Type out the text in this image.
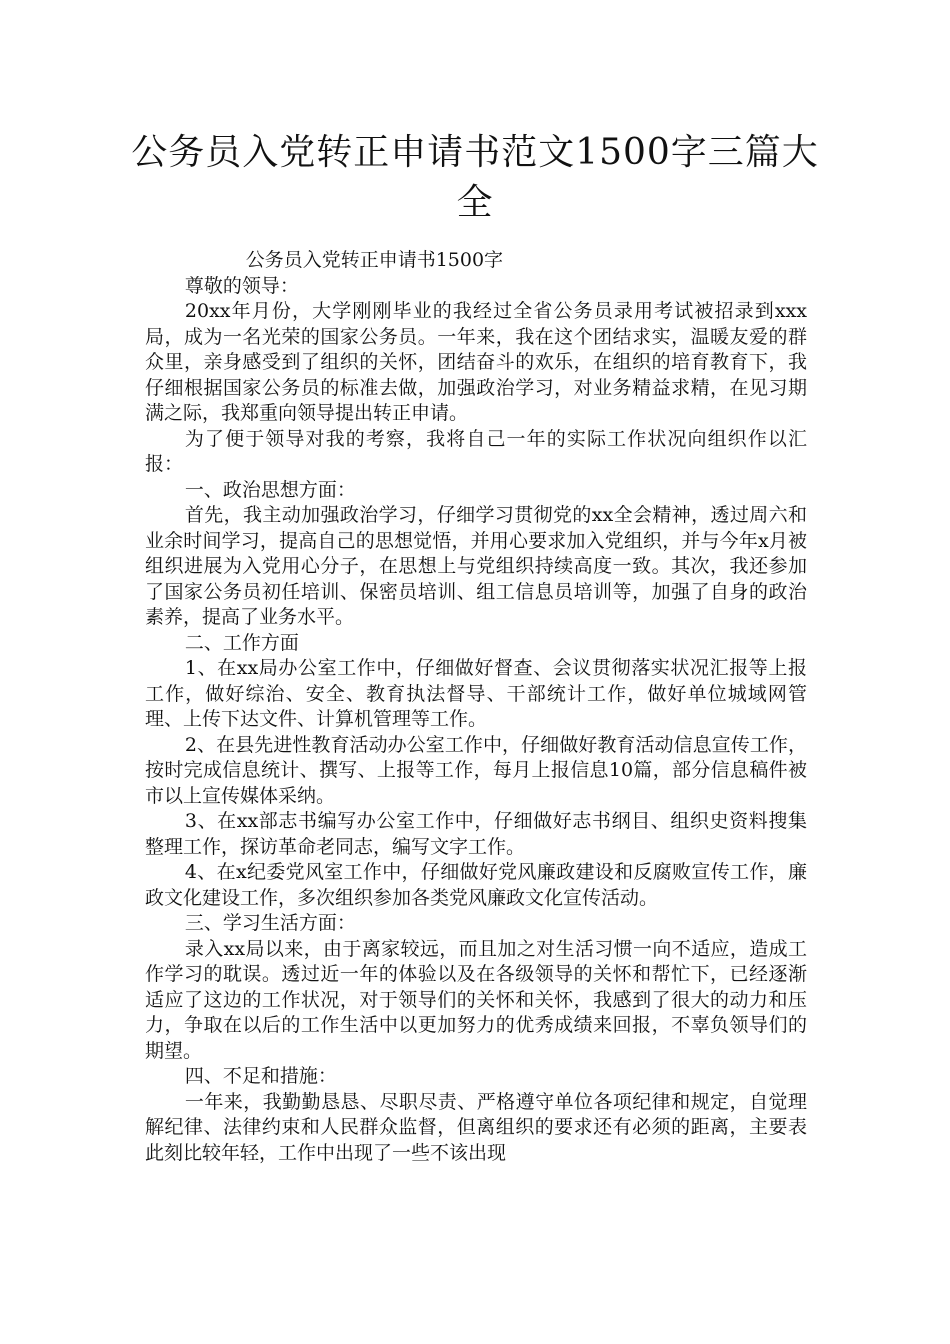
公务员入党转正申请书范文1500字三篇大全

公务员入党转正申请书1500字

尊敬的领导：

20xx年月份，大学刚刚毕业的我经过全省公务员录用考试被招录到xxx局，成为一名光荣的国家公务员。一年来，我在这个团结求实，温暖友爱的群众里，亲身感受到了组织的关怀，团结奋斗的欢乐，在组织的培育教育下，我仔细根据国家公务员的标准去做，加强政治学习，对业务精益求精，在见习期满之际，我郑重向领导提出转正申请。

为了便于领导对我的考察，我将自己一年的实际工作状况向组织作以汇报：

一、政治思想方面：

首先，我主动加强政治学习，仔细学习贯彻党的xx全会精神，透过周六和业余时间学习，提高自己的思想觉悟，并用心要求加入党组织，并与今年x月被组织进展为入党用心分子，在思想上与党组织持续高度一致。其次，我还参加了国家公务员初任培训、保密员培训、组工信息员培训等，加强了自身的政治素养，提高了业务水平。

二、工作方面

1、在xx局办公室工作中，仔细做好督查、会议贯彻落实状况汇报等上报工作，做好综治、安全、教育执法督导、干部统计工作，做好单位城域网管理、上传下达文件、计算机管理等工作。

2、在县先进性教育活动办公室工作中，仔细做好教育活动信息宣传工作，按时完成信息统计、撰写、上报等工作，每月上报信息10篇，部分信息稿件被市以上宣传媒体采纳。

3、在xx部志书编写办公室工作中，仔细做好志书纲目、组织史资料搜集整理工作，探访革命老同志，编写文字工作。

4、在x纪委党风室工作中，仔细做好党风廉政建设和反腐败宣传工作，廉政文化建设工作，多次组织参加各类党风廉政文化宣传活动。

三、学习生活方面：

录入xx局以来，由于离家较远，而且加之对生活习惯一向不适应，造成工作学习的耽误。透过近一年的体验以及在各级领导的关怀和帮忙下，已经逐渐适应了这边的工作状况，对于领导们的关怀和关怀，我感到了很大的动力和压力，争取在以后的工作生活中以更加努力的优秀成绩来回报，不辜负领导们的期望。

四、不足和措施：

一年来，我勤勤恳恳、尽职尽责、严格遵守单位各项纪律和规定，自觉理解纪律、法律约束和人民群众监督，但离组织的要求还有必须的距离，主要表此刻比较年轻，工作中出现了一些不该出现
